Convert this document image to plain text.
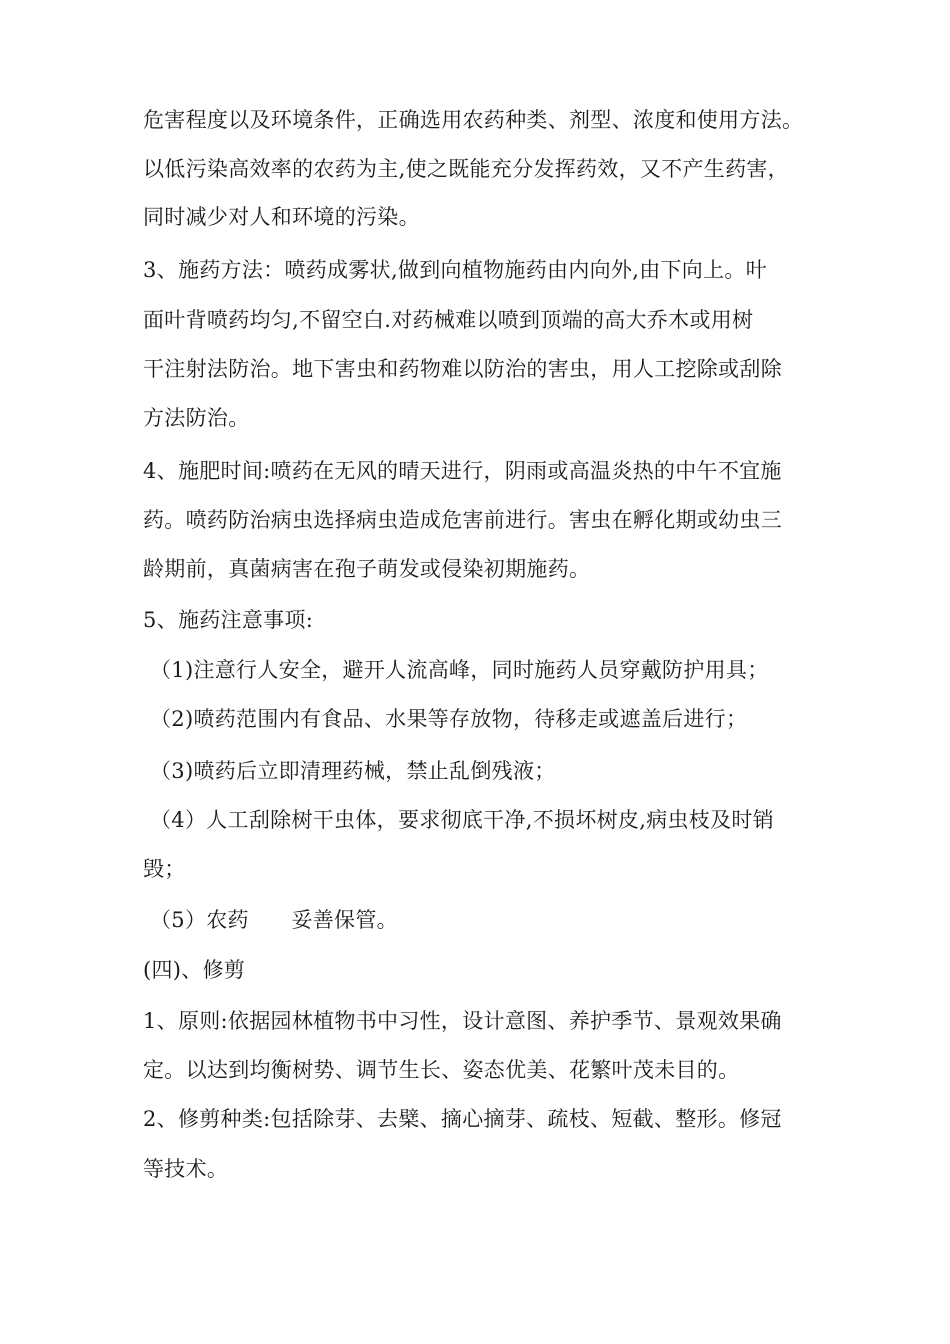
危害程度以及环境条件，正确选用农药种类、剂型、浓度和使用方法。
以低污染高效率的农药为主,使之既能充分发挥药效，又不产生药害，
同时减少对人和环境的污染。
3、施药方法：喷药成雾状,做到向植物施药由内向外,由下向上。叶
面叶背喷药均匀,不留空白.对药械难以喷到顶端的高大乔木或用树
干注射法防治。地下害虫和药物难以防治的害虫，用人工挖除或刮除
方法防治。
4、施肥时间:喷药在无风的晴天进行，阴雨或高温炎热的中午不宜施
药。喷药防治病虫选择病虫造成危害前进行。害虫在孵化期或幼虫三
龄期前，真菌病害在孢子萌发或侵染初期施药。
5、施药注意事项:
（1)注意行人安全，避开人流高峰，同时施药人员穿戴防护用具；
（2)喷药范围内有食品、水果等存放物，待移走或遮盖后进行；
（3)喷药后立即清理药械，禁止乱倒残液；
（4）人工刮除树干虫体，要求彻底干净,不损坏树皮,病虫枝及时销
毁；
（5）农药　　妥善保管。
(四)、修剪
1、原则:依据园林植物书中习性，设计意图、养护季节、景观效果确
定。以达到均衡树势、调节生长、姿态优美、花繁叶茂未目的。
2、修剪种类:包括除芽、去檗、摘心摘芽、疏枝、短截、整形。修冠
等技术。
